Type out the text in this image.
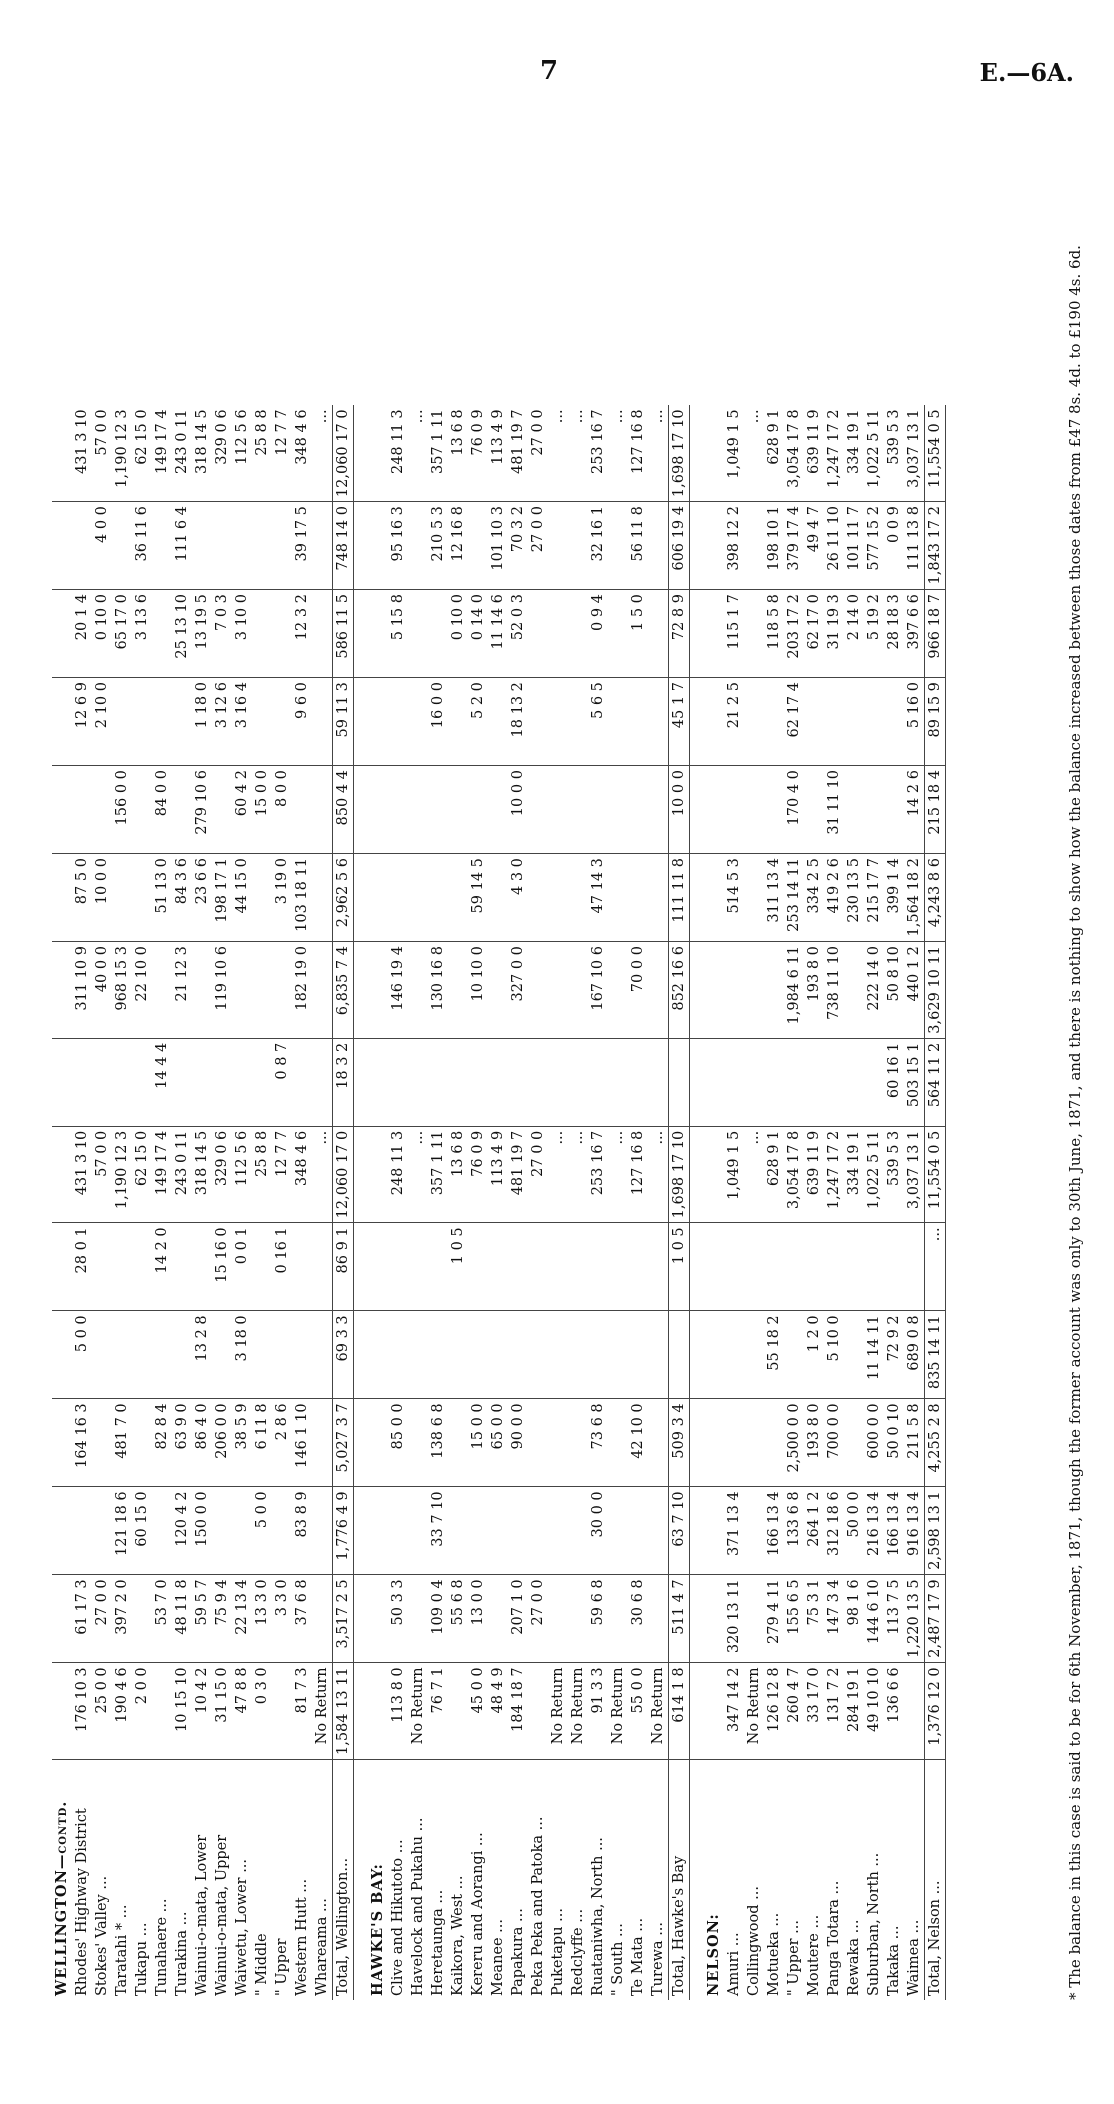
7	E.—6A.
WELLINGTON—contd.															
Rhodes' Highway District	176 10 3	61 17 3		164 16 3	5 0 0	28 0 1	431 3 10		311 10 9	87 5 0		12 6 9	20 1 4		431 3 10
Stokes' Valley ...	25 0 0	27 0 0					57 0 0		40 0 0	10 0 0		2 10 0	0 10 0	4 0 0	57 0 0
Taratahi * ...	190 4 6	397 2 0	121 18 6	481 7 0			1,190 12 3		968 15 3		156 0 0		65 17 0		1,190 12 3
Tukapu ...	2 0 0		60 15 0				62 15 0		22 10 0				3 13 6	36 11 6	62 15 0
Tunahaere ...		53 7 0		82 8 4		14 2 0	149 17 4	14 4 4		51 13 0	84 0 0				149 17 4
Turakina ...	10 15 10	48 11 8	120 4 2	63 9 0			243 0 11		21 12 3	84 3 6			25 13 10	111 6 4	243 0 11
Wainui-o-mata, Lower	10 4 2	59 5 7	150 0 0	86 4 0	13 2 8		318 14 5			23 6 6	279 10 6	1 18 0	13 19 5		318 14 5
Wainui-o-mata, Upper	31 15 0	75 9 4		206 0 0		15 16 0	329 0 6		119 10 6	198 17 1		3 12 6	7 0 3		329 0 6
Waiwetu, Lower ...	47 8 8	22 13 4		38 5 9	3 18 0	0 0 1	112 5 6			44 15 0	60 4 2	3 16 4	3 10 0		112 5 6
" Middle	0 3 0	13 3 0	5 0 0	6 11 8			25 8 8				15 0 0				25 8 8
" Upper		3 3 0		2 8 6		0 16 1	12 7 7	0 8 7		3 19 0	8 0 0				12 7 7
Western Hutt ...	81 7 3	37 6 8	83 8 9	146 1 10			348 4 6		182 19 0	103 18 11		9 6 0	12 3 2	39 17 5	348 4 6
Whareama ...	No Return						...								...
Total, Wellington...	1,584 13 11	3,517 2 5	1,776 4 9	5,027 3 7	69 3 3	86 9 1	12,060 17 0	18 3 2	6,835 7 4	2,962 5 6	850 4 4	59 11 3	586 11 5	748 14 0	12,060 17 0

HAWKE'S BAY:															
Clive and Hikutoto ...	113 8 0	50 3 3		85 0 0			248 11 3		146 19 4				5 15 8	95 16 3	248 11 3
Havelock and Pukahu ...	No Return						...								...
Heretaunga ...	76 7 1	109 0 4	33 7 10	138 6 8			357 1 11		130 16 8			16 0 0		210 5 3	357 1 11
Kaikora, West ...		55 6 8				1 0 5	13 6 8						0 10 0	12 16 8	13 6 8
Kereru and Aorangi ...	45 0 0	13 0 0		15 0 0			76 0 9		10 10 0	59 14 5		5 2 0	0 14 0		76 0 9
Meanee ...	48 4 9			65 0 0			113 4 9						11 14 6	101 10 3	113 4 9
Papakura ...	184 18 7	207 1 0		90 0 0			481 19 7		327 0 0	4 3 0	10 0 0	18 13 2	52 0 3	70 3 2	481 19 7
Peka Peka and Patoka ...		27 0 0					27 0 0							27 0 0	27 0 0
Puketapu ...	No Return						...								...
Redclyffe ...	No Return						...								...
Ruataniwha, North ...	91 3 3	59 6 8	30 0 0	73 6 8			253 16 7		167 10 6	47 14 3		5 6 5	0 9 4	32 16 1	253 16 7
" South ...	No Return						...								...
Te Mata ...	55 0 0	30 6 8		42 10 0			127 16 8		70 0 0				1 5 0	56 11 8	127 16 8
Turewa ...	No Return						...								...
Total, Hawke's Bay	614 1 8	511 4 7	63 7 10	509 3 4		1 0 5	1,698 17 10		852 16 6	111 11 8	10 0 0	45 1 7	72 8 9	606 19 4	1,698 17 10

NELSON:															
Amuri ...	347 14 2	320 13 11	371 13 4				1,049 1 5			514 5 3		21 2 5	115 1 7	398 12 2	1,049 1 5
Collingwood ...	No Return						...								...
Motueka ...	126 12 8	279 4 11	166 13 4		55 18 2		628 9 1			311 13 4			118 5 8	198 10 1	628 9 1
" Upper ...	260 4 7	155 6 5	133 6 8	2,500 0 0			3,054 17 8		1,984 6 11	253 14 11	170 4 0	62 17 4	203 17 2	379 17 4	3,054 17 8
Moutere ...	33 17 0	75 3 1	264 1 2	193 8 0	1 2 0		639 11 9		193 8 0	334 2 5			62 17 0	49 4 7	639 11 9
Panga Totara ...	131 7 2	147 3 4	312 18 6	700 0 0	5 10 0		1,247 17 2		738 11 10	419 2 6	31 11 10		31 19 3	26 11 10	1,247 17 2
Rewaka ...	284 19 1	98 1 6	50 0 0				334 19 1			230 13 5			2 14 0	101 11 7	334 19 1
Suburban, North ...	49 10 10	144 6 10	216 13 4	600 0 0	11 14 11		1,022 5 11		222 14 0	215 17 7			5 19 2	577 15 2	1,022 5 11
Takaka ...	136 6 6	113 7 5	166 13 4	50 0 10	72 9 2		539 5 3	60 16 1	50 8 10	399 1 4			28 18 3	0 0 9	539 5 3
Waimea ...		1,220 13 5	916 13 4	211 5 8	689 0 8		3,037 13 1	503 15 1	440 1 2	1,564 18 2	14 2 6	5 16 0	397 6 6	111 13 8	3,037 13 1
Total, Nelson ...	1,376 12 0	2,487 17 9	2,598 13 1	4,255 2 8	835 14 11	...	11,554 0 5	564 11 2	3,629 10 11	4,243 8 6	215 18 4	89 15 9	966 18 7	1,843 17 2	11,554 0 5	* The balance in this case is said to be for 6th November, 1871, though the former account was only to 30th June, 1871, and there is nothing to show how the balance increased between those dates from £47 8s. 4d. to £190 4s. 6d.
